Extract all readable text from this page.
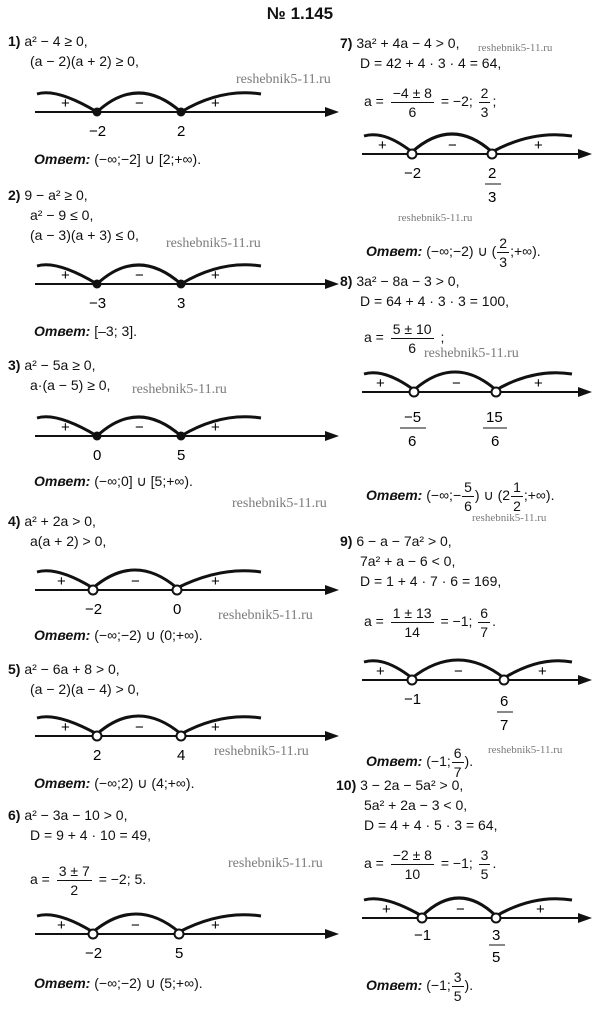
№ 1.145
1) a² − 4 ≥ 0,
(a − 2)(a + 2) ≥ 0,
+	−	+
−2	2
Ответ: (−∞;−2] ∪ [2;+∞).
2) 9 − a² ≥ 0,
a² − 9 ≤ 0,
(a − 3)(a + 3) ≤ 0,
+	−	+
−3	3
Ответ: [–3; 3].
3) a² − 5a ≥ 0,
a·(a − 5) ≥ 0,
+	−	+
0	5
Ответ: (−∞;0] ∪ [5;+∞).
4) a² + 2a > 0,
a(a + 2) > 0,
+	−	+
−2	0
Ответ: (−∞;−2) ∪ (0;+∞).
5) a² − 6a + 8 > 0,
(a − 2)(a − 4) > 0,
+	−	+
2	4
Ответ: (−∞;2) ∪ (4;+∞).
6) a² − 3a − 10 > 0,
D = 9 + 4 · 10 = 49,
$a = \frac{3 \pm 7}{2} = -2$; 5.
+	−	+
−2	5
Ответ: (−∞;−2) ∪ (5;+∞).
7) 3a² + 4a − 4 > 0,
D = 42 + 4 · 3 · 4 = 64,
$a = \frac{-4 \pm 8}{6} = -2$; $\frac{2}{3}$ ;
+	−	+
−2	2
3
Ответ: (−∞;−2) ∪ ( $\frac{2}{3}$ ;+∞).
8) 3a² − 8a − 3 > 0,
D = 64 + 4 · 3 · 3 = 100,
$a = \frac{5 \pm 10}{6}$ ;
+	−	+
−5
6
15
6
Ответ: (−∞;− $\frac{5}{6}$ ) ∪ ($2 \frac{1}{2}$ ;+∞).
9) 6 − a − 7a² > 0,
7a² + a − 6 < 0,
D = 1 + 4 · 7 · 6 = 169,
$a = \frac{1 \pm 13}{14} = -1$; $\frac{6}{7}$ .
+	−	+
−1	6
7
Ответ: (−1; $\frac{6}{7}$ ).
10) 3 − 2a − 5a² > 0,
5a² + 2a − 3 < 0,
D = 4 + 4 · 5 · 3 = 64,
$a = \frac{-2 \pm 8}{10} = -1$; $\frac{3}{5}$ .
+	−	+
−1	3
5
Ответ: (−1; $\frac{3}{5}$ ).
reshebnik5-11.ru
reshebnik5-11.ru
reshebnik5-11.ru
reshebnik5-11.ru
reshebnik5-11.ru
reshebnik5-11.ru
reshebnik5-11.ru
reshebnik5-11.ru
reshebnik5-11.ru
reshebnik5-11.ru	reshebnik5-11.ru
reshebnik5-11.ru
